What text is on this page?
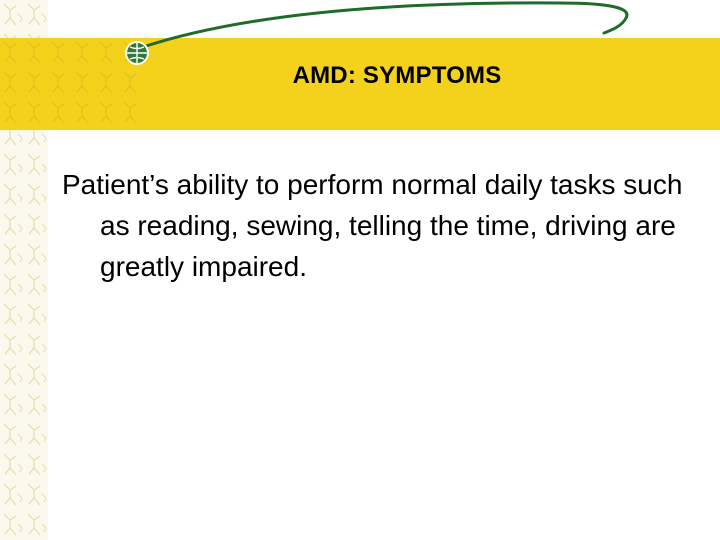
AMD: SYMPTOMS

Patient’s ability to perform normal daily tasks such as reading, sewing, telling the time, driving are greatly impaired.
